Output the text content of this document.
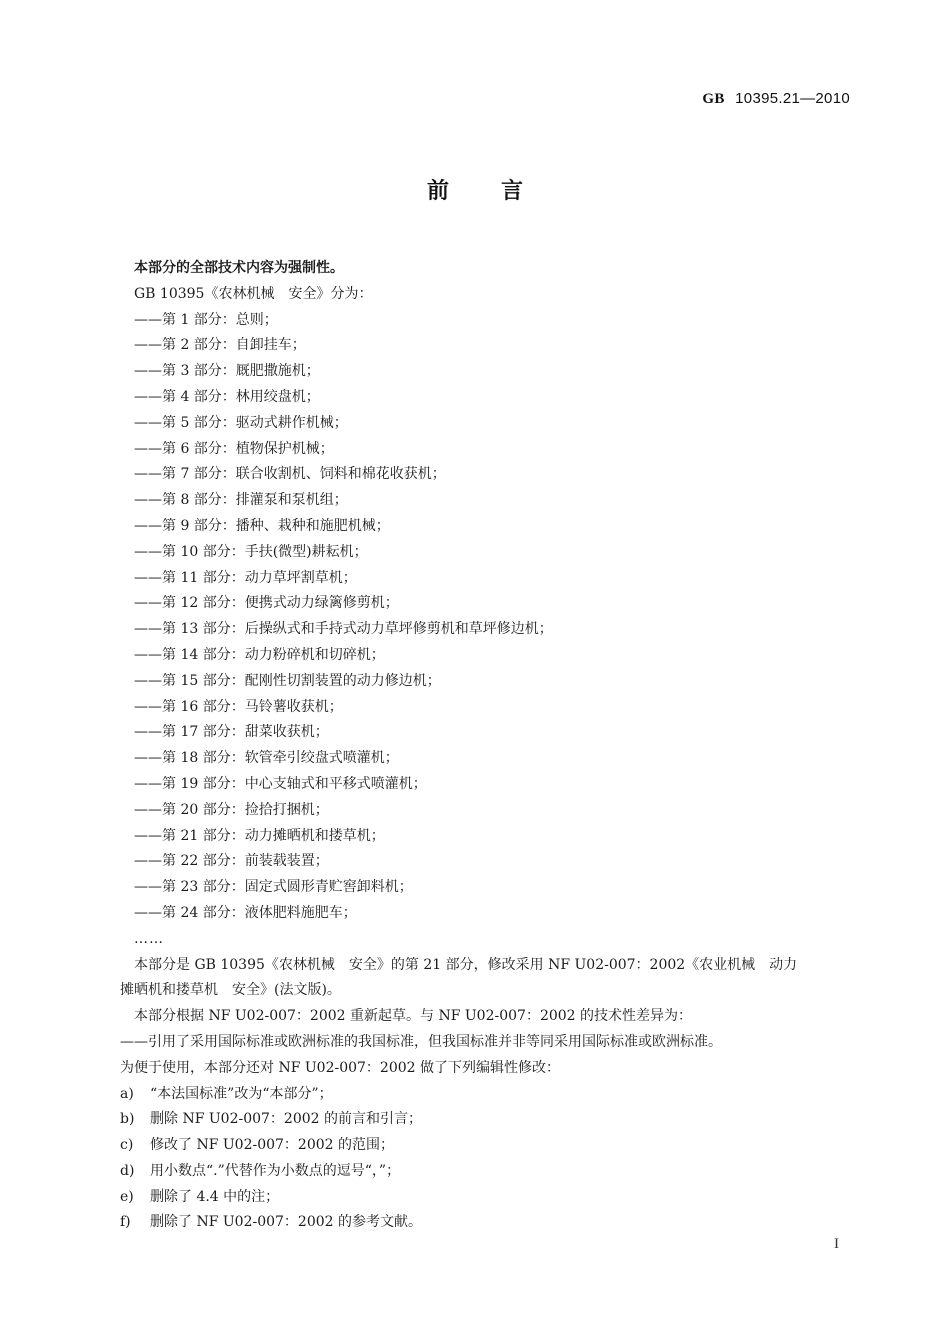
GB 10395.21—2010
前言
本部分的全部技术内容为强制性。
GB 10395《农林机械　安全》分为：
——第 1 部分：总则；
——第 2 部分：自卸挂车；
——第 3 部分：厩肥撒施机；
——第 4 部分：林用绞盘机；
——第 5 部分：驱动式耕作机械；
——第 6 部分：植物保护机械；
——第 7 部分：联合收割机、饲料和棉花收获机；
——第 8 部分：排灌泵和泵机组；
——第 9 部分：播种、栽种和施肥机械；
——第 10 部分：手扶(微型)耕耘机；
——第 11 部分：动力草坪割草机；
——第 12 部分：便携式动力绿篱修剪机；
——第 13 部分：后操纵式和手持式动力草坪修剪机和草坪修边机；
——第 14 部分：动力粉碎机和切碎机；
——第 15 部分：配刚性切割装置的动力修边机；
——第 16 部分：马铃薯收获机；
——第 17 部分：甜菜收获机；
——第 18 部分：软管牵引绞盘式喷灌机；
——第 19 部分：中心支轴式和平移式喷灌机；
——第 20 部分：捡拾打捆机；
——第 21 部分：动力摊晒机和搂草机；
——第 22 部分：前装载装置；
——第 23 部分：固定式圆形青贮窖卸料机；
——第 24 部分：液体肥料施肥车；
……
本部分是 GB 10395《农林机械　安全》的第 21 部分，修改采用 NF U02-007：2002《农业机械　动力
摊晒机和搂草机　安全》(法文版)。
本部分根据 NF U02-007：2002 重新起草。与 NF U02-007：2002 的技术性差异为：
——引用了采用国际标准或欧洲标准的我国标准，但我国标准并非等同采用国际标准或欧洲标准。
为便于使用，本部分还对 NF U02-007：2002 做了下列编辑性修改：
a) “本法国标准”改为“本部分”；
b) 删除 NF U02-007：2002 的前言和引言；
c) 修改了 NF U02-007：2002 的范围；
d) 用小数点“.”代替作为小数点的逗号“，”；
e) 删除了 4.4 中的注；
f) 删除了 NF U02-007：2002 的参考文献。
I
